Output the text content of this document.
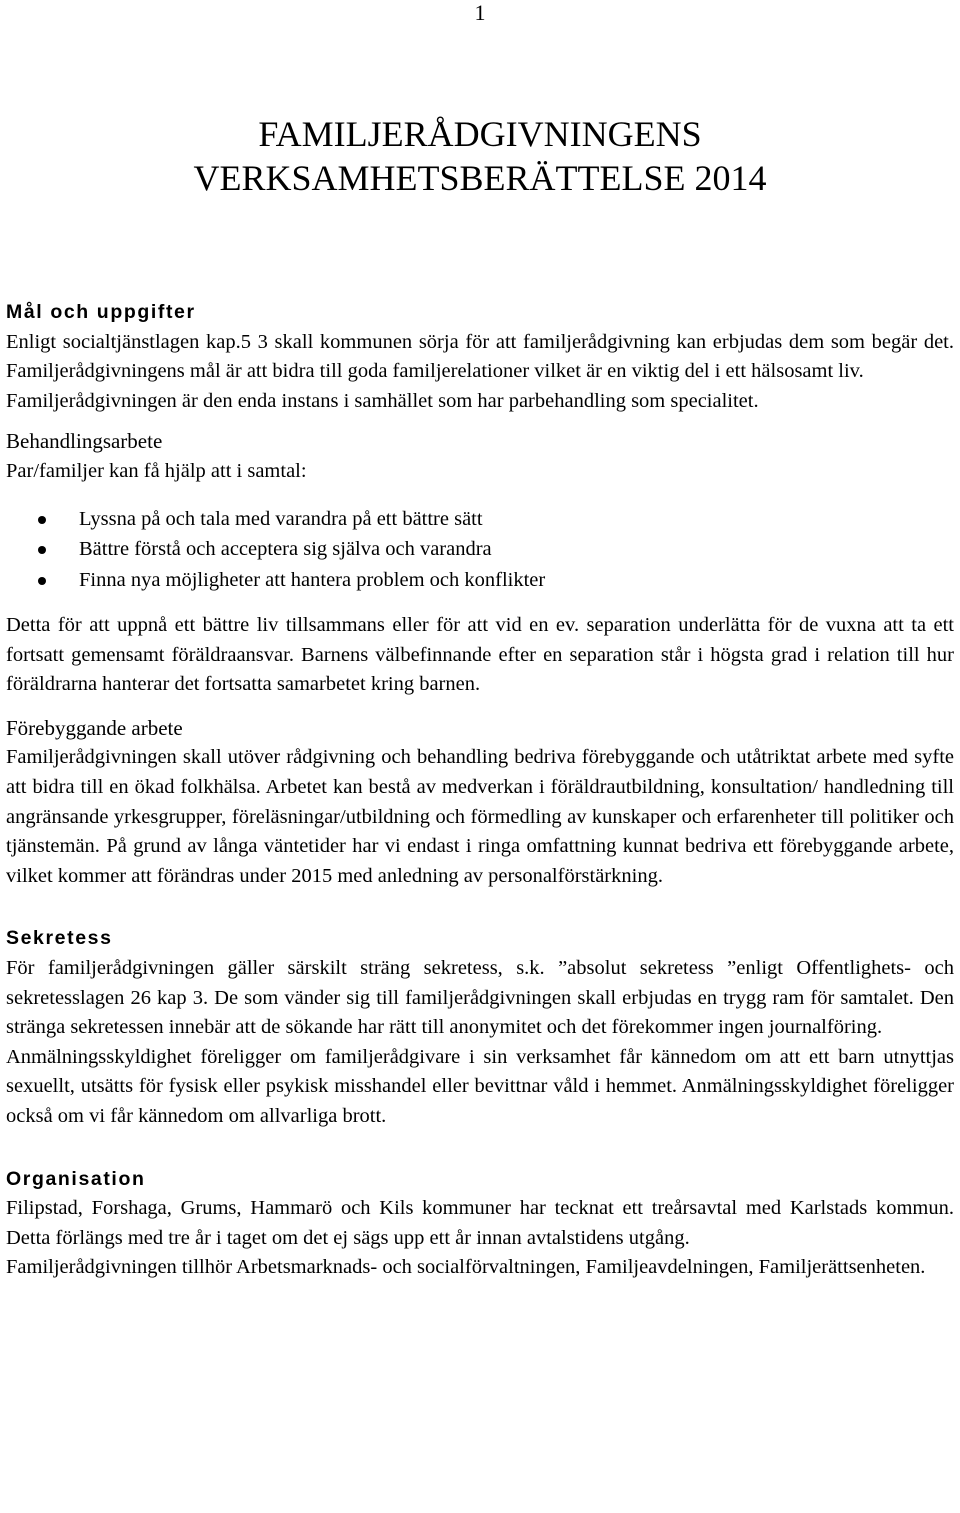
1
FAMILJERÅDGIVNINGENS
VERKSAMHETSBERÄTTELSE 2014
Mål och uppgifter

Enligt socialtjänstlagen kap.5 3 skall kommunen sörja för att familjerådgivning kan erbjudas dem som begär det. Familjerådgivningens mål är att bidra till goda familjerelationer vilket är en viktig del i ett hälsosamt liv.

Familjerådgivningen är den enda instans i samhället som har parbehandling som specialitet.

Behandlingsarbete

Par/familjer kan få hjälp att i samtal:

Lyssna på och tala med varandra på ett bättre sätt
Bättre förstå och acceptera sig själva och varandra
Finna nya möjligheter att hantera problem och konflikter

Detta för att uppnå ett bättre liv tillsammans eller för att vid en ev. separation underlätta för de vuxna att ta ett fortsatt gemensamt föräldraansvar. Barnens välbefinnande efter en separation står i högsta grad i relation till hur föräldrarna hanterar det fortsatta samarbetet kring barnen.

Förebyggande arbete

Familjerådgivningen skall utöver rådgivning och behandling bedriva förebyggande och utåtriktat arbete med syfte att bidra till en ökad folkhälsa. Arbetet kan bestå av medverkan i föräldrautbildning, konsultation/ handledning till angränsande yrkesgrupper, föreläsningar/utbildning och förmedling av kunskaper och erfarenheter till politiker och tjänstemän. På grund av långa väntetider har vi endast i ringa omfattning kunnat bedriva ett förebyggande arbete, vilket kommer att förändras under 2015 med anledning av personalförstärkning.

Sekretess

För familjerådgivningen gäller särskilt sträng sekretess, s.k. ”absolut sekretess ”enligt Offentlighets- och sekretesslagen 26 kap 3. De som vänder sig till familjerådgivningen skall erbjudas en trygg ram för samtalet. Den stränga sekretessen innebär att de sökande har rätt till anonymitet och det förekommer ingen journalföring.

Anmälningsskyldighet föreligger om familjerådgivare i sin verksamhet får kännedom om att ett barn utnyttjas sexuellt, utsätts för fysisk eller psykisk misshandel eller bevittnar våld i hemmet. Anmälningsskyldighet föreligger också om vi får kännedom om allvarliga brott.

Organisation

Filipstad, Forshaga, Grums, Hammarö och Kils kommuner har tecknat ett treårsavtal med Karlstads kommun. Detta förlängs med tre år i taget om det ej sägs upp ett år innan avtalstidens utgång.

Familjerådgivningen tillhör Arbetsmarknads- och socialförvaltningen, Familjeavdelningen, Familjerättsenheten.
